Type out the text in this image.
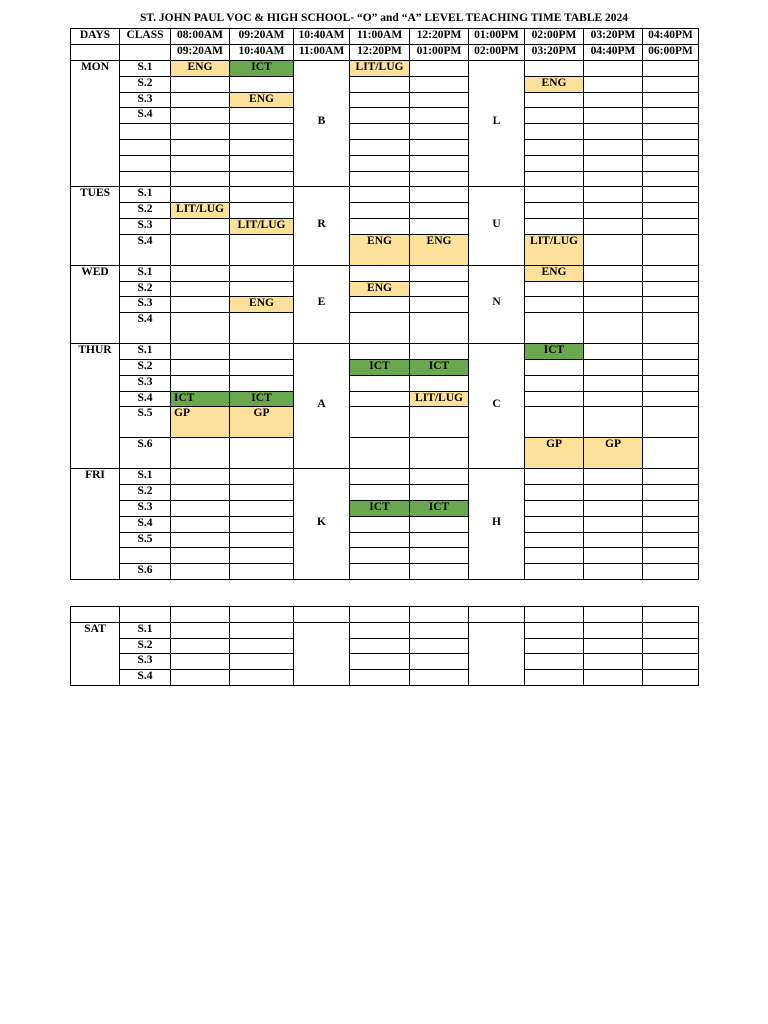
ST. JOHN PAUL VOC & HIGH SCHOOL- “O” and “A” LEVEL TEACHING TIME TABLE 2024
DAYS	CLASS	08:00AM	09:20AM	10:40AM	11:00AM	12:20PM	01:00PM	02:00PM	03:20PM	04:40PM
		09:20AM	10:40AM	11:00AM	12:20PM	01:00PM	02:00PM	03:20PM	04:40PM	06:00PM
MON	S.1	ENG	ICT	B	LIT/LUG		L			
	S.2							ENG		
	S.3		ENG							
	S.4									

TUES	S.1			R			U			
	S.2	LIT/LUG								
	S.3		LIT/LUG							
	S.4				ENG	ENG		LIT/LUG		
WED	S.1			E			N	ENG		
	S.2				ENG					
	S.3		ENG							
	S.4									
THUR	S.1			A			C	ICT		
	S.2				ICT	ICT				
	S.3									
	S.4	ICT	ICT			LIT/LUG				
	S.5	GP	GP							
	S.6							GP	GP	
FRI	S.1			K			H			
	S.2									
	S.3				ICT	ICT				
	S.4									
	S.5									

	S.6									

SAT	S.1									
	S.2									
	S.3									
	S.4									
